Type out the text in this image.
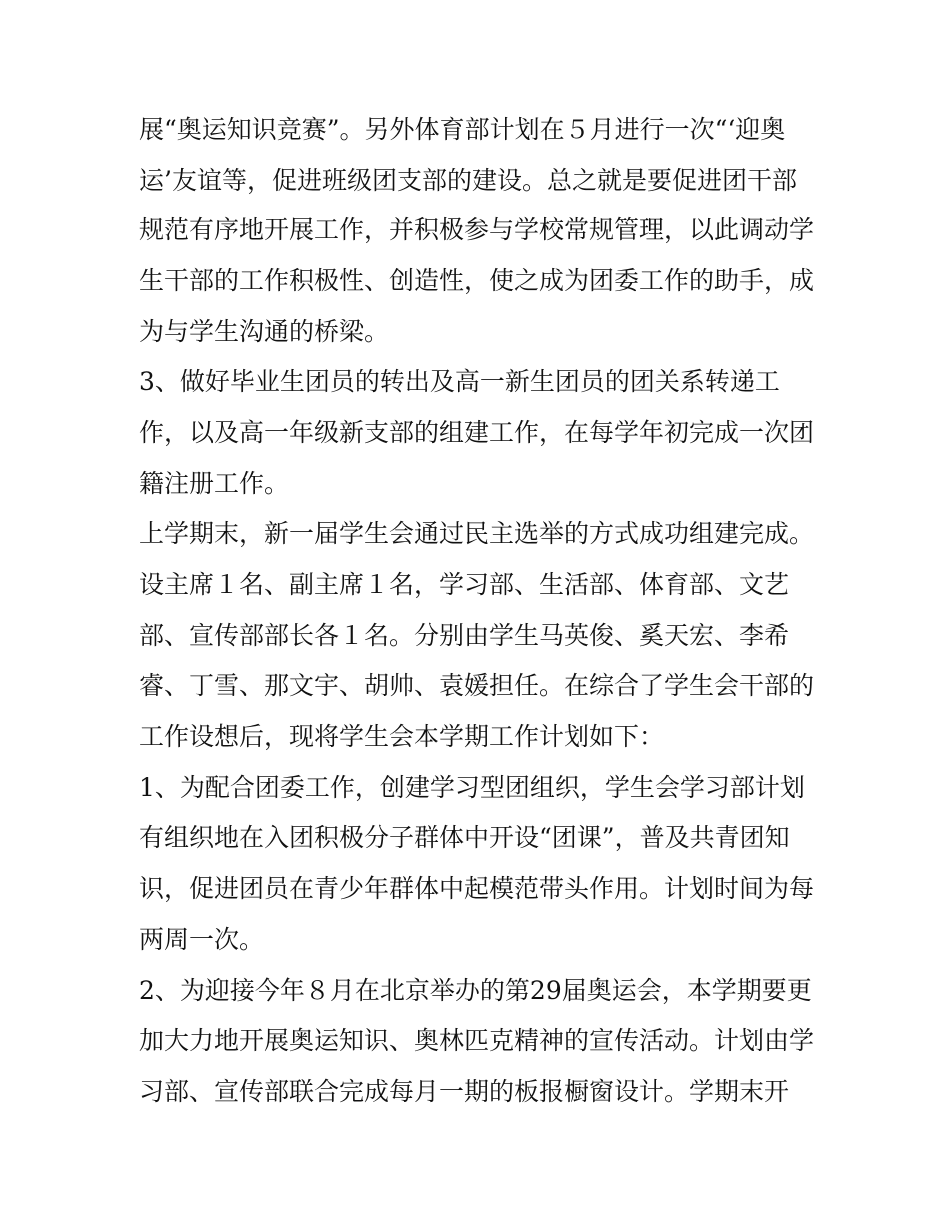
展“奥运知识竞赛”。另外体育部计划在５月进行一次“‘迎奥

运’友谊等，促进班级团支部的建设。总之就是要促进团干部

规范有序地开展工作，并积极参与学校常规管理，以此调动学

生干部的工作积极性、创造性，使之成为团委工作的助手，成

为与学生沟通的桥梁。

3、做好毕业生团员的转出及高一新生团员的团关系转递工

作，以及高一年级新支部的组建工作，在每学年初完成一次团

籍注册工作。

上学期末，新一届学生会通过民主选举的方式成功组建完成。

设主席１名、副主席１名，学习部、生活部、体育部、文艺

部、宣传部部长各１名。分别由学生马英俊、奚天宏、李希

睿、丁雪、那文宇、胡帅、袁媛担任。在综合了学生会干部的

工作设想后，现将学生会本学期工作计划如下：

1、为配合团委工作，创建学习型团组织，学生会学习部计划

有组织地在入团积极分子群体中开设“团课”，普及共青团知

识，促进团员在青少年群体中起模范带头作用。计划时间为每

两周一次。

2、为迎接今年８月在北京举办的第29届奥运会，本学期要更

加大力地开展奥运知识、奥林匹克精神的宣传活动。计划由学

习部、宣传部联合完成每月一期的板报橱窗设计。学期末开
